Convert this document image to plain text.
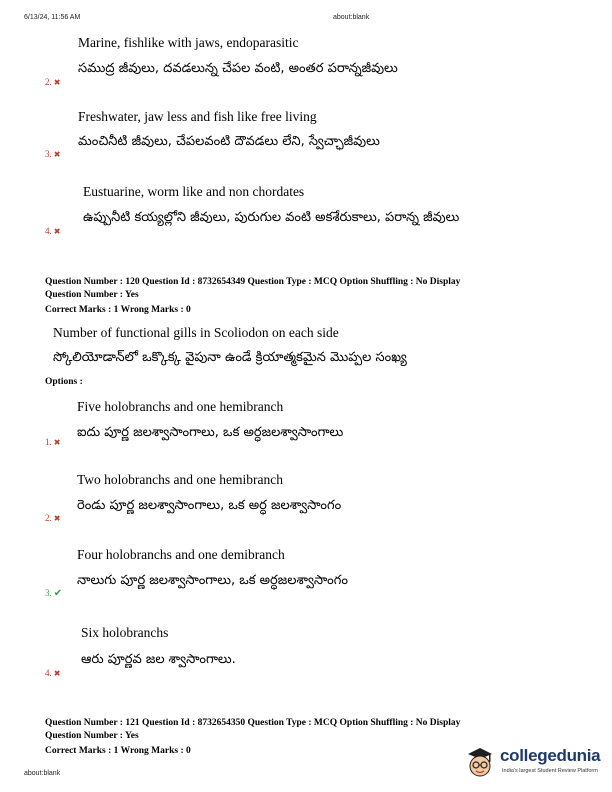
6/13/24, 11:56 AM	about:blank
Marine, fishlike with jaws, endoparasitic
సముద్ర జీవులు, దవడలున్న చేపల వంటి, అంతర పరాన్నజీవులు
2. ✖
Freshwater, jaw less and fish like free living
మంచినీటి జీవులు, చేపలవంటి దౌవడలు లేని, స్వేచ్ఛాజీవులు
3. ✖
Eustuarine, worm like and non chordates
ఉప్పునీటి కయ్యల్లోని జీవులు, పురుగుల వంటి అకశేరుకాలు, పరాన్న జీవులు
4. ✖
Question Number : 120 Question Id : 8732654349 Question Type : MCQ Option Shuffling : No Display
Question Number : Yes
Correct Marks : 1 Wrong Marks : 0
Number of functional gills in Scoliodon on each side
స్కోలియోడాన్‌లో ఒక్కొక్క వైపునా ఉండే క్రియాత్మకమైన మొప్పల సంఖ్య
Options :
Five holobranchs and one hemibranch
ఐదు పూర్ణ జలశ్వాసాంగాలు, ఒక అర్ధజలశ్వాసాంగాలు
1. ✖
Two holobranchs and one hemibranch
రెండు పూర్ణ జలశ్వాసాంగాలు, ఒక అర్ధ జలశ్వాసాంగం
2. ✖
Four holobranchs and one demibranch
నాలుగు పూర్ణ జలశ్వాసాంగాలు, ఒక అర్ధజలశ్వాసాంగం
3. ✔
Six holobranchs
ఆరు పూర్ణవ జల శ్వాసాంగాలు.
4. ✖
Question Number : 121 Question Id : 8732654350 Question Type : MCQ Option Shuffling : No Display
Question Number : Yes
Correct Marks : 1 Wrong Marks : 0
about:blank
collegedunia
India's largest Student Review Platform
